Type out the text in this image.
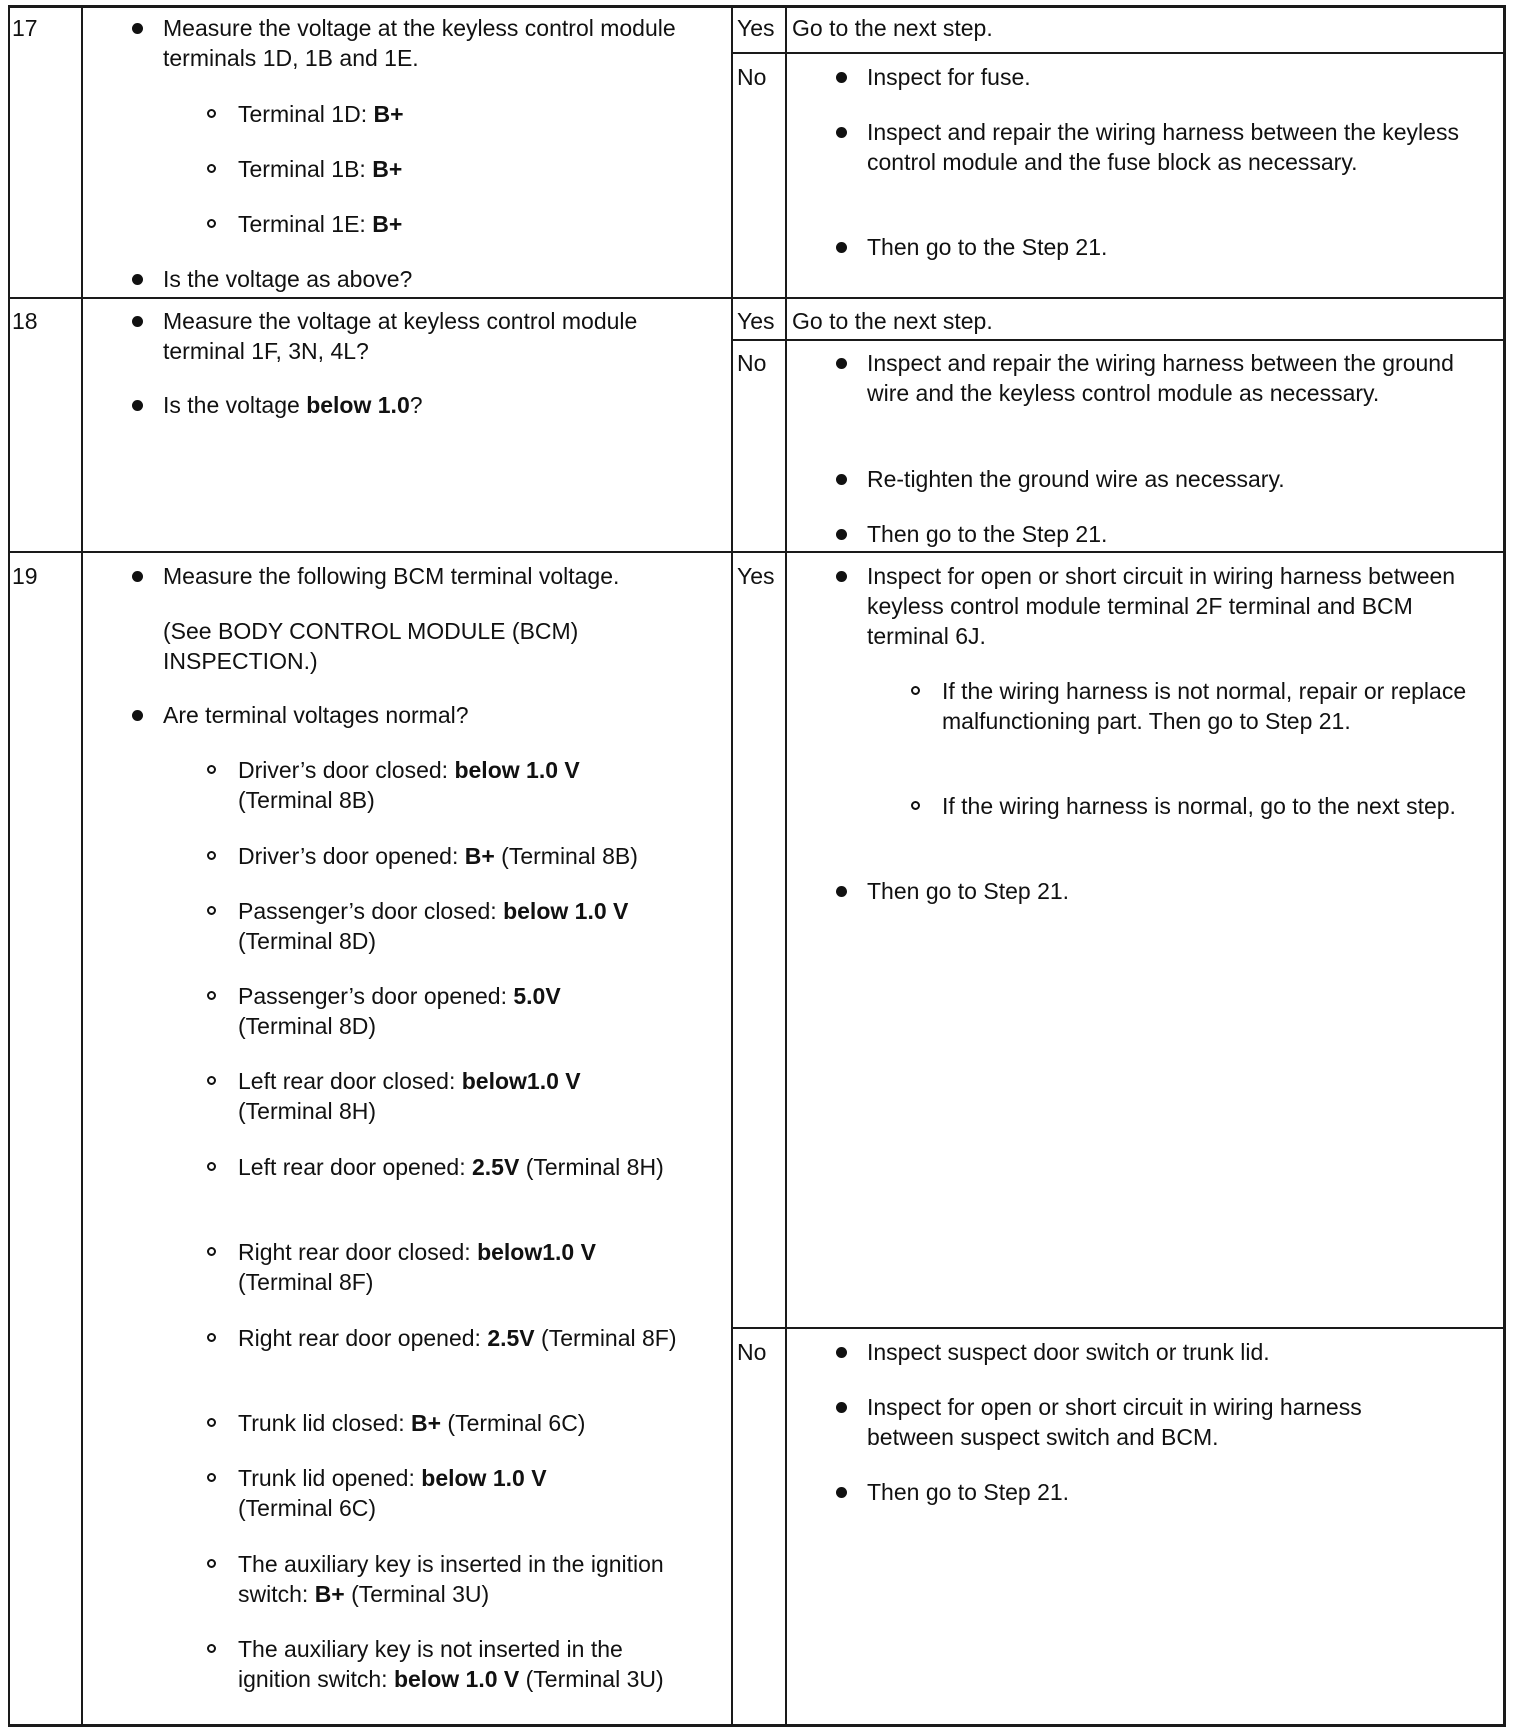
17	Measure the voltage at the keyless control module terminals 1D, 1B and 1E.
Terminal 1D: B+
Terminal 1B: B+
Terminal 1E: B+
Is the voltage as above?
Yes Go to the next step.
No	Inspect for fuse.
Inspect and repair the wiring harness between the keyless control module and the fuse block as necessary.
Then go to the Step 21.
18	Measure the voltage at keyless control module terminal 1F, 3N, 4L?
Is the voltage below 1.0?
Yes Go to the next step.
No	Inspect and repair the wiring harness between the ground wire and the keyless control module as necessary.
Re-tighten the ground wire as necessary.
Then go to the Step 21.
19	Measure the following BCM terminal voltage.
(See BODY CONTROL MODULE (BCM) INSPECTION.)
Are terminal voltages normal?
Driver’s door closed: below 1.0 V
(Terminal 8B)
Driver’s door opened: B+ (Terminal 8B)
Passenger’s door closed: below 1.0 V
(Terminal 8D)
Passenger’s door opened: 5.0V
(Terminal 8D)
Left rear door closed: below1.0 V
(Terminal 8H)
Left rear door opened: 2.5V (Terminal 8H)
Right rear door closed: below1.0 V
(Terminal 8F)
Right rear door opened: 2.5V (Terminal 8F)
Trunk lid closed: B+ (Terminal 6C)
Trunk lid opened: below 1.0 V
(Terminal 6C)
The auxiliary key is inserted in the ignition switch: B+ (Terminal 3U)
The auxiliary key is not inserted in the ignition switch: below 1.0 V (Terminal 3U)
Yes	Inspect for open or short circuit in wiring harness between keyless control module terminal 2F terminal and BCM terminal 6J.
If the wiring harness is not normal, repair or replace malfunctioning part. Then go to Step 21.
If the wiring harness is normal, go to the next step.
Then go to Step 21.
No	Inspect suspect door switch or trunk lid.
Inspect for open or short circuit in wiring harness between suspect switch and BCM.
Then go to Step 21.
